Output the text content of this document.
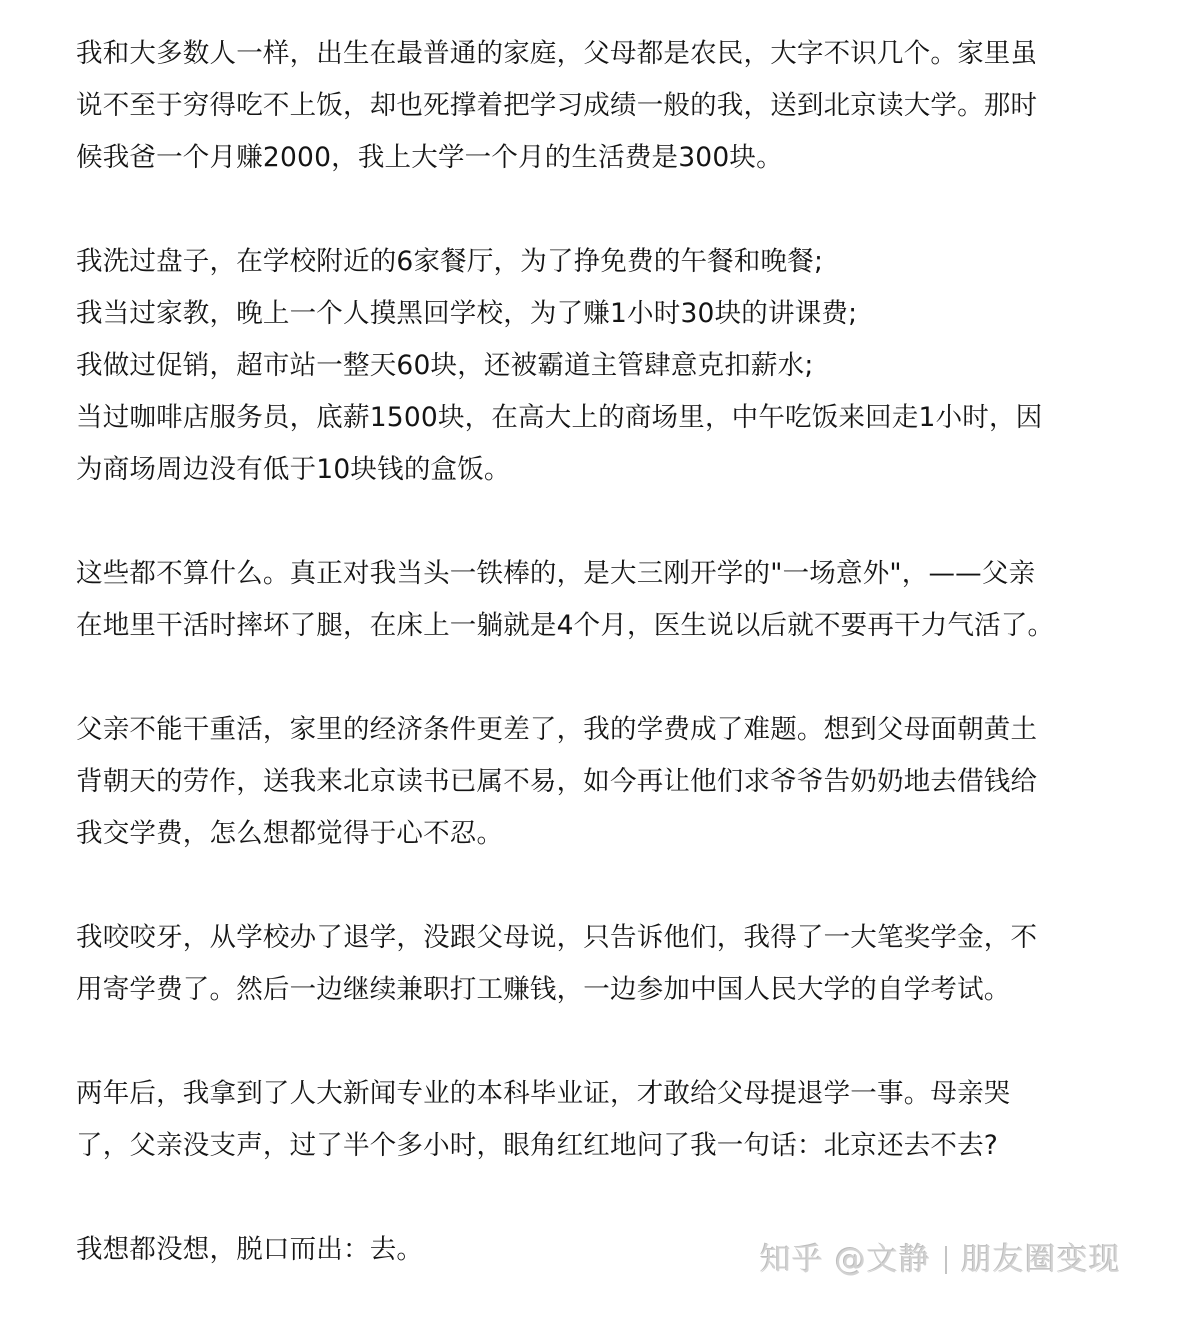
我和大多数人一样，出生在最普通的家庭，父母都是农民，大字不识几个。家里虽
说不至于穷得吃不上饭，却也死撑着把学习成绩一般的我，送到北京读大学。那时
候我爸一个月赚2000，我上大学一个月的生活费是300块。
我洗过盘子，在学校附近的6家餐厅，为了挣免费的午餐和晚餐;
我当过家教，晚上一个人摸黑回学校，为了赚1小时30块的讲课费;
我做过促销，超市站一整天60块，还被霸道主管肆意克扣薪水;
当过咖啡店服务员，底薪1500块，在高大上的商场里，中午吃饭来回走1小时，因
为商场周边没有低于10块钱的盒饭。
这些都不算什么。真正对我当头一铁棒的，是大三刚开学的"一场意外"，——父亲
在地里干活时摔坏了腿，在床上一躺就是4个月，医生说以后就不要再干力气活了。
父亲不能干重活，家里的经济条件更差了，我的学费成了难题。想到父母面朝黄土
背朝天的劳作，送我来北京读书已属不易，如今再让他们求爷爷告奶奶地去借钱给
我交学费，怎么想都觉得于心不忍。
我咬咬牙，从学校办了退学，没跟父母说，只告诉他们，我得了一大笔奖学金，不
用寄学费了。然后一边继续兼职打工赚钱，一边参加中国人民大学的自学考试。
两年后，我拿到了人大新闻专业的本科毕业证，才敢给父母提退学一事。母亲哭
了，父亲没支声，过了半个多小时，眼角红红地问了我一句话：北京还去不去?
我想都没想，脱口而出：去。	知乎 @文静 朋友圈变现
